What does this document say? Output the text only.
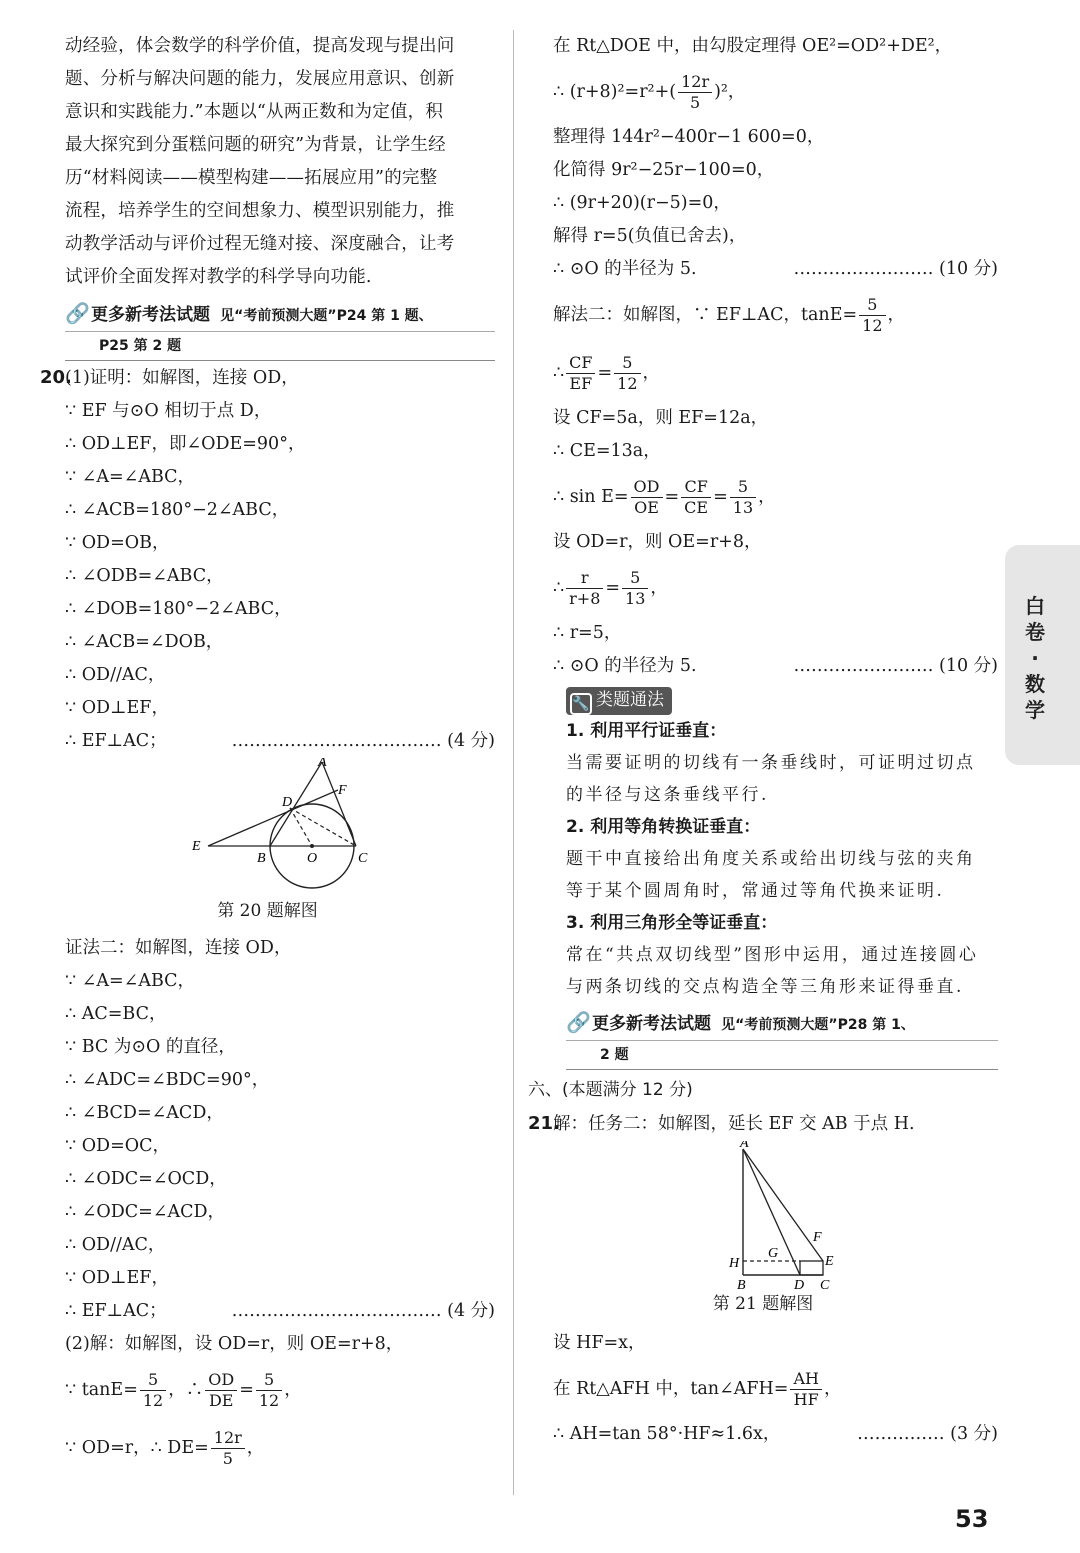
动经验，体会数学的科学价值，提高发现与提出问
题、分析与解决问题的能力，发展应用意识、创新
意识和实践能力.”本题以“从两正数和为定值，积
最大探究到分蛋糕问题的研究”为背景，让学生经
历“材料阅读——模型构建——拓展应用”的完整
流程，培养学生的空间想象力、模型识别能力，推
动教学活动与评价过程无缝对接、深度融合，让考
试评价全面发挥对教学的科学导向功能.
🔗更多新考法试题 见“考前预测大题”P24 第 1 题、
P25 第 2 题
20.(1)证明：如解图，连接 OD，
∵ EF 与⊙O 相切于点 D，
∴ OD⊥EF，即∠ODE=90°，
∵ ∠A=∠ABC，
∴ ∠ACB=180°−2∠ABC，
∵ OD=OB，
∴ ∠ODB=∠ABC，
∴ ∠DOB=180°−2∠ABC，
∴ ∠ACB=∠DOB，
∴ OD//AC，
∵ OD⊥EF，
∴ EF⊥AC；	……………………………… (4 分)
A
F
D
E
B	O	C
第 20 题解图
证法二：如解图，连接 OD，
∵ ∠A=∠ABC，
∴ AC=BC，
∵ BC 为⊙O 的直径，
∴ ∠ADC=∠BDC=90°，
∴ ∠BCD=∠ACD，
∵ OD=OC，
∴ ∠ODC=∠OCD，
∴ ∠ODC=∠ACD，
∴ OD//AC，
∵ OD⊥EF，
∴ EF⊥AC；	……………………………… (4 分)
(2)解：如解图，设 OD=r，则 OE=r+8，
∵ $\tan E= \frac{5}{12}$ ，∴ $\frac{OD}{DE} = \frac{5}{12}$ ，
∵ OD=r，∴ $DE= \frac{12r}{5}$ ，
在 Rt△DOE 中，由勾股定理得 OE²=OD²+DE²，
∴ $(r+8)^2=r^2+( \frac{12r}{5} )^2$，
整理得 144r²−400r−1 600=0，
化简得 9r²−25r−100=0，
∴ (9r+20)(r−5)=0，
解得 r=5(负值已舍去)，
∴ ⊙O 的半径为 5.	…………………… (10 分)
解法二：如解图，∵ EF⊥AC，$\tan E= \frac{5}{12}$ ，
∴ $\frac{CF}{EF} = \frac{5}{12}$ ，
设 CF=5a，则 EF=12a，
∴ CE=13a，
∴ $\sin E= \frac{OD}{OE} = \frac{CF}{CE} = \frac{5}{13}$ ，
设 OD=r，则 OE=r+8，
∴ $\frac{r}{r+8} = \frac{5}{13}$ ，
∴ r=5，
∴ ⊙O 的半径为 5.	…………………… (10 分)
🔧 类题通法
1. 利用平行证垂直：
当需要证明的切线有一条垂线时，可证明过切点
的半径与这条垂线平行.
2. 利用等角转换证垂直：
题干中直接给出角度关系或给出切线与弦的夹角
等于某个圆周角时，常通过等角代换来证明.
3. 利用三角形全等证垂直：
常在“共点双切线型”图形中运用，通过连接圆心
与两条切线的交点构造全等三角形来证得垂直.
🔗更多新考法试题 见“考前预测大题”P28 第 1、
2 题
六、(本题满分 12 分)
21.解：任务二：如解图，延长 EF 交 AB 于点 H.
A
F
H
G
E
B	D C
第 21 题解图
设 HF=x，
在 Rt△AFH 中，tan∠AFH= $\frac{AH}{HF}$ ，
∴ AH=tan 58°·HF≈1.6x，	…………… (3 分)
白卷·数学
53
